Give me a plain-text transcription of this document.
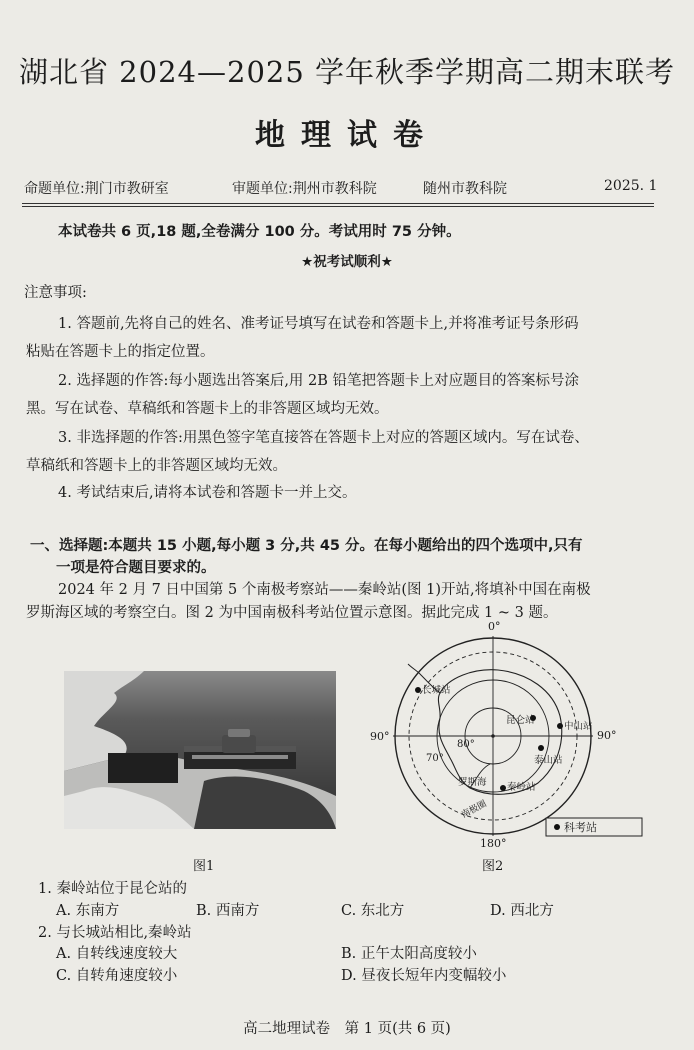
湖北省 2024—2025 学年秋季学期高二期末联考
地理试卷
命题单位:荆门市教研室	审题单位:荆州市教科院	随州市教科院	2025. 1
本试卷共 6 页,18 题,全卷满分 100 分。考试用时 75 分钟。
★祝考试顺利★
注意事项:
1. 答题前,先将自己的姓名、准考证号填写在试卷和答题卡上,并将准考证号条形码
粘贴在答题卡上的指定位置。
2. 选择题的作答:每小题选出答案后,用 2B 铅笔把答题卡上对应题目的答案标号涂
黑。写在试卷、草稿纸和答题卡上的非答题区域均无效。
3. 非选择题的作答:用黑色签字笔直接答在答题卡上对应的答题区域内。写在试卷、
草稿纸和答题卡上的非答题区域均无效。
4. 考试结束后,请将本试卷和答题卡一并上交。
一、选择题:本题共 15 小题,每小题 3 分,共 45 分。在每小题给出的四个选项中,只有
一项是符合题目要求的。
2024 年 2 月 7 日中国第 5 个南极考察站——秦岭站(图 1)开站,将填补中国在南极
罗斯海区域的考察空白。图 2 为中国南极科考站位置示意图。据此完成 1 ~ 3 题。
图1
0°
90°	90°
180°
80°
70°
罗斯海
南极圈
长城站
昆仑站
中山站
泰山站
秦岭站
科考站
图2
1. 秦岭站位于昆仑站的
A. 东南方	B. 西南方	C. 东北方	D. 西北方
2. 与长城站相比,秦岭站
A. 自转线速度较大	B. 正午太阳高度较小
C. 自转角速度较小	D. 昼夜长短年内变幅较小
高二地理试卷　第 1 页(共 6 页)
